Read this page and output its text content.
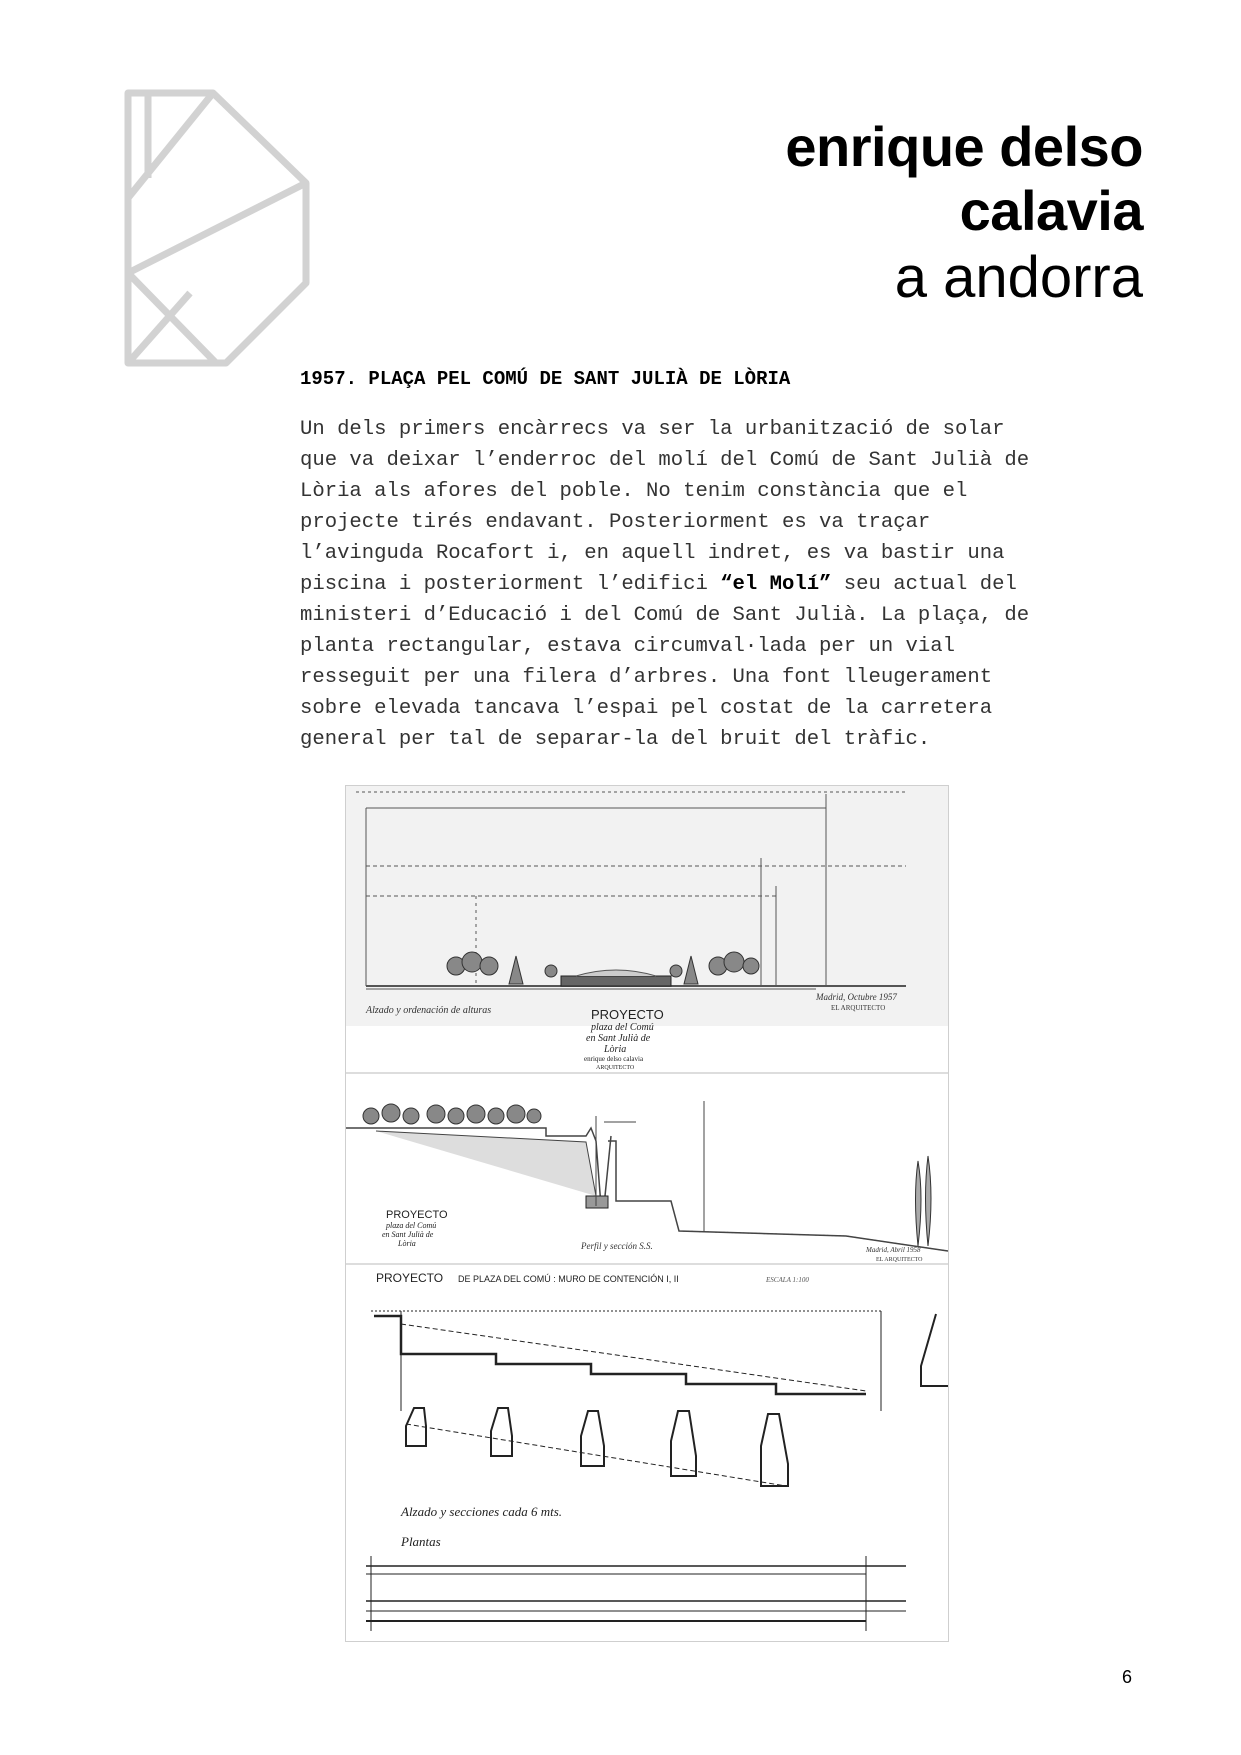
enrique delso
calavia
a andorra
1957. PLAÇA PEL COMÚ DE SANT JULIÀ DE LÒRIA
Un dels primers encàrrecs va ser la urbanització de solar
que va deixar l’enderroc del molí del Comú de Sant Julià de
Lòria als afores del poble. No tenim constància que el
projecte tirés endavant. Posteriorment es va traçar
l’avinguda Rocafort i, en aquell indret, es va bastir una
piscina i posteriorment l’edifici “el Molí” seu actual del
ministeri d’Educació i del Comú de Sant Julià. La plaça, de
planta rectangular, estava circumval·lada per un vial
resseguit per una filera d’arbres. Una font lleugerament
sobre elevada tancava l’espai pel costat de la carretera
general per tal de separar-la del bruit del tràfic.
Alzado y ordenación de alturas
Madrid, Octubre 1957
EL ARQUITECTO
PROYECTO
plaza del Comú
en Sant Julià de
Lòria
enrique delso calavia
ARQUITECTO
Perfil y sección S.S.	Madrid, Abril 1958
EL ARQUITECTO
PROYECTO
plaza del Comú
en Sant Julià de
Lòria
PROYECTO DE PLAZA DEL COMÚ : MURO DE CONTENCIÓN I, II	ESCALA 1:100
Alzado y secciones cada 6 mts.
Plantas
6
